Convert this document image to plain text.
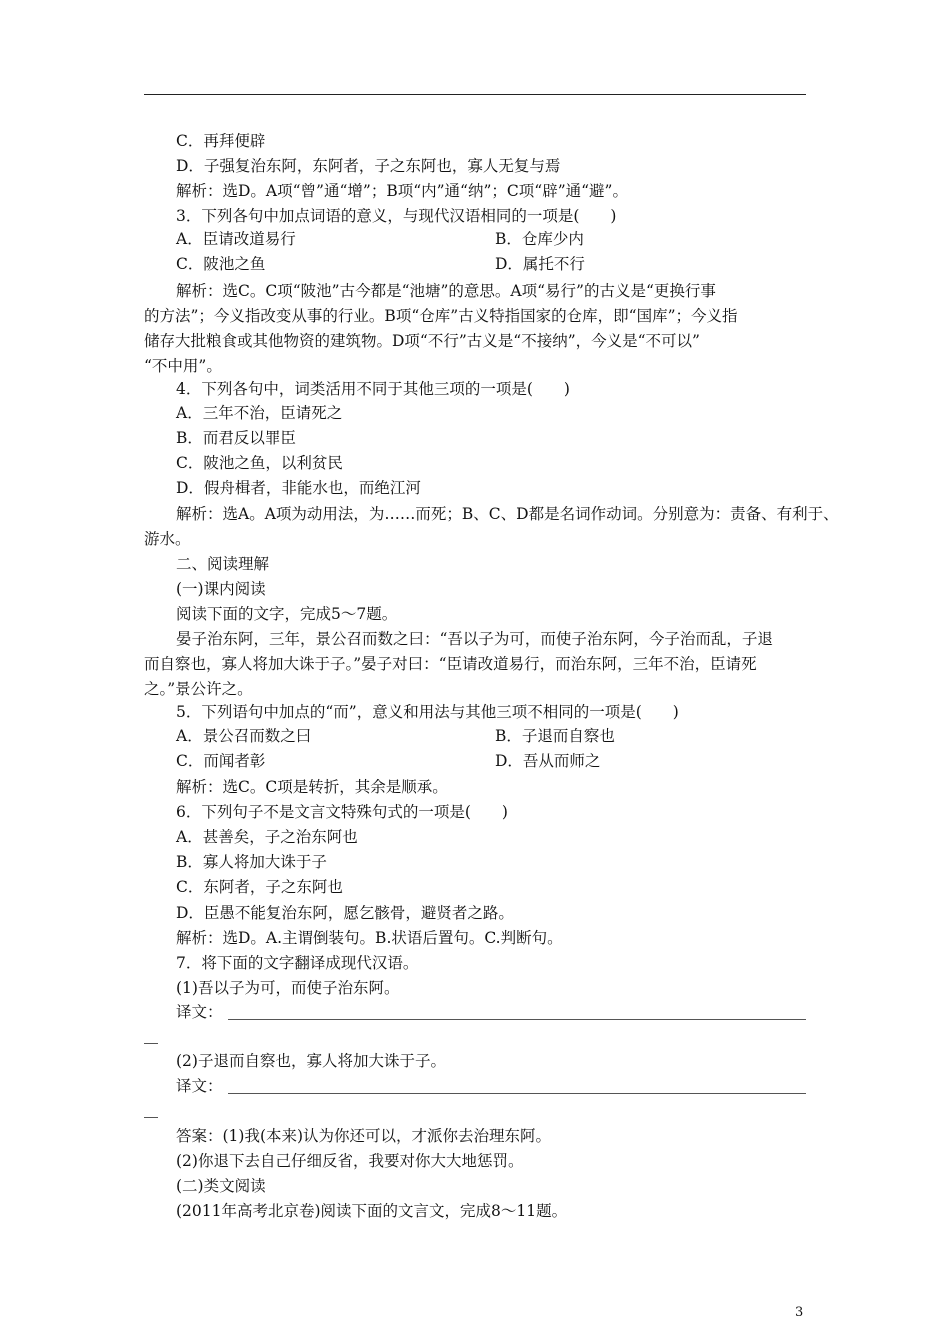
C．再拜便辟
D．子强复治东阿，东阿者，子之东阿也，寡人无复与焉
解析：选D。A项“曾”通“增”；B项“内”通“纳”；C项“辟”通“避”。
3．下列各句中加点词语的意义，与现代汉语相同的一项是(　　)
A．臣请改道易行	B．仓库少内
C．陂池之鱼	D．属托不行
解析：选C。C项“陂池”古今都是“池塘”的意思。A项“易行”的古义是“更换行事
的方法”；今义指改变从事的行业。B项“仓库”古义特指国家的仓库，即“国库”；今义指
储存大批粮食或其他物资的建筑物。D项“不行”古义是“不接纳”，今义是“不可以”
“不中用”。
4．下列各句中，词类活用不同于其他三项的一项是(　　)
A．三年不治，臣请死之
B．而君反以罪臣
C．陂池之鱼，以利贫民
D．假舟楫者，非能水也，而绝江河
解析：选A。A项为动用法，为……而死；B、C、D都是名词作动词。分别意为：责备、有利于、
游水。
二、阅读理解
(一)课内阅读
阅读下面的文字，完成5～7题。
晏子治东阿，三年，景公召而数之曰：“吾以子为可，而使子治东阿，今子治而乱，子退
而自察也，寡人将加大诛于子。”晏子对曰：“臣请改道易行，而治东阿，三年不治，臣请死
之。”景公许之。
5．下列语句中加点的“而”，意义和用法与其他三项不相同的一项是(　　)
A．景公召而数之曰	B．子退而自察也
C．而闻者彰	D．吾从而师之
解析：选C。C项是转折，其余是顺承。
6．下列句子不是文言文特殊句式的一项是(　　)
A．甚善矣，子之治东阿也
B．寡人将加大诛于子
C．东阿者，子之东阿也
D．臣愚不能复治东阿，愿乞骸骨，避贤者之路。
解析：选D。A.主谓倒装句。B.状语后置句。C.判断句。
7．将下面的文字翻译成现代汉语。
(1)吾以子为可，而使子治东阿。
译文：
(2)子退而自察也，寡人将加大诛于子。
译文：
答案：(1)我(本来)认为你还可以，才派你去治理东阿。
(2)你退下去自己仔细反省，我要对你大大地惩罚。
(二)类文阅读
(2011年高考北京卷)阅读下面的文言文，完成8～11题。
3
